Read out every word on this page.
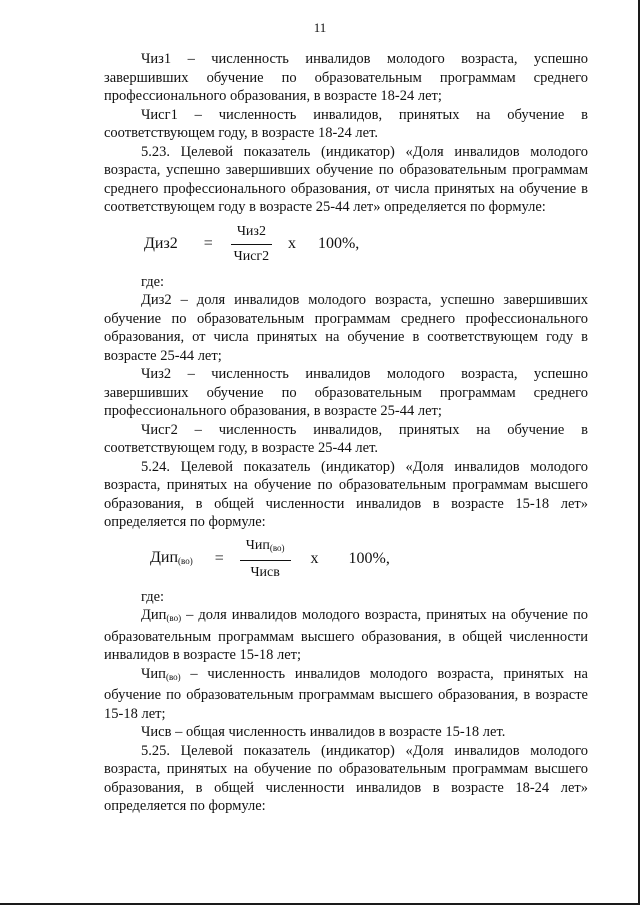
11

Чиз1 – численность инвалидов молодого возраста, успешно завершивших обучение по образовательным программам среднего профессионального образования, в возрасте 18-24 лет;

Чисг1 – численность инвалидов, принятых на обучение в соответствующем году, в возрасте 18-24 лет.

5.23. Целевой показатель (индикатор) «Доля инвалидов молодого возраста, успешно завершивших обучение по образовательным программам среднего профессионального образования, от числа принятых на обучение в соответствующем году в возрасте 25-44 лет» определяется по формуле:

$Диз2 = \frac{\text{Чиз2}}{\text{Чисг2}}$ х 100%,

где:

Диз2 – доля инвалидов молодого возраста, успешно завершивших обучение по образовательным программам среднего профессионального образования, от числа принятых на обучение в соответствующем году в возрасте 25-44 лет;

Чиз2 – численность инвалидов молодого возраста, успешно завершивших обучение по образовательным программам среднего профессионального образования, в возрасте 25-44 лет;

Чисг2 – численность инвалидов, принятых на обучение в соответствующем году, в возрасте 25-44 лет.

5.24. Целевой показатель (индикатор) «Доля инвалидов молодого возраста, принятых на обучение по образовательным программам высшего образования, в общей численности инвалидов в возрасте 15-18 лет» определяется по формуле:

$Дип_{(во)} = \frac{Чип_{(во)}}{\text{Чисв}}$ х 100%,

где:

Дип$_{(во)}$ – доля инвалидов молодого возраста, принятых на обучение по образовательным программам высшего образования, в общей численности инвалидов в возрасте 15-18 лет;

Чип$_{(во)}$ – численность инвалидов молодого возраста, принятых на обучение по образовательным программам высшего образования, в возрасте 15-18 лет;

Чисв – общая численность инвалидов в возрасте 15-18 лет.

5.25. Целевой показатель (индикатор) «Доля инвалидов молодого возраста, принятых на обучение по образовательным программам высшего образования, в общей численности инвалидов в возрасте 18-24 лет» определяется по формуле:
